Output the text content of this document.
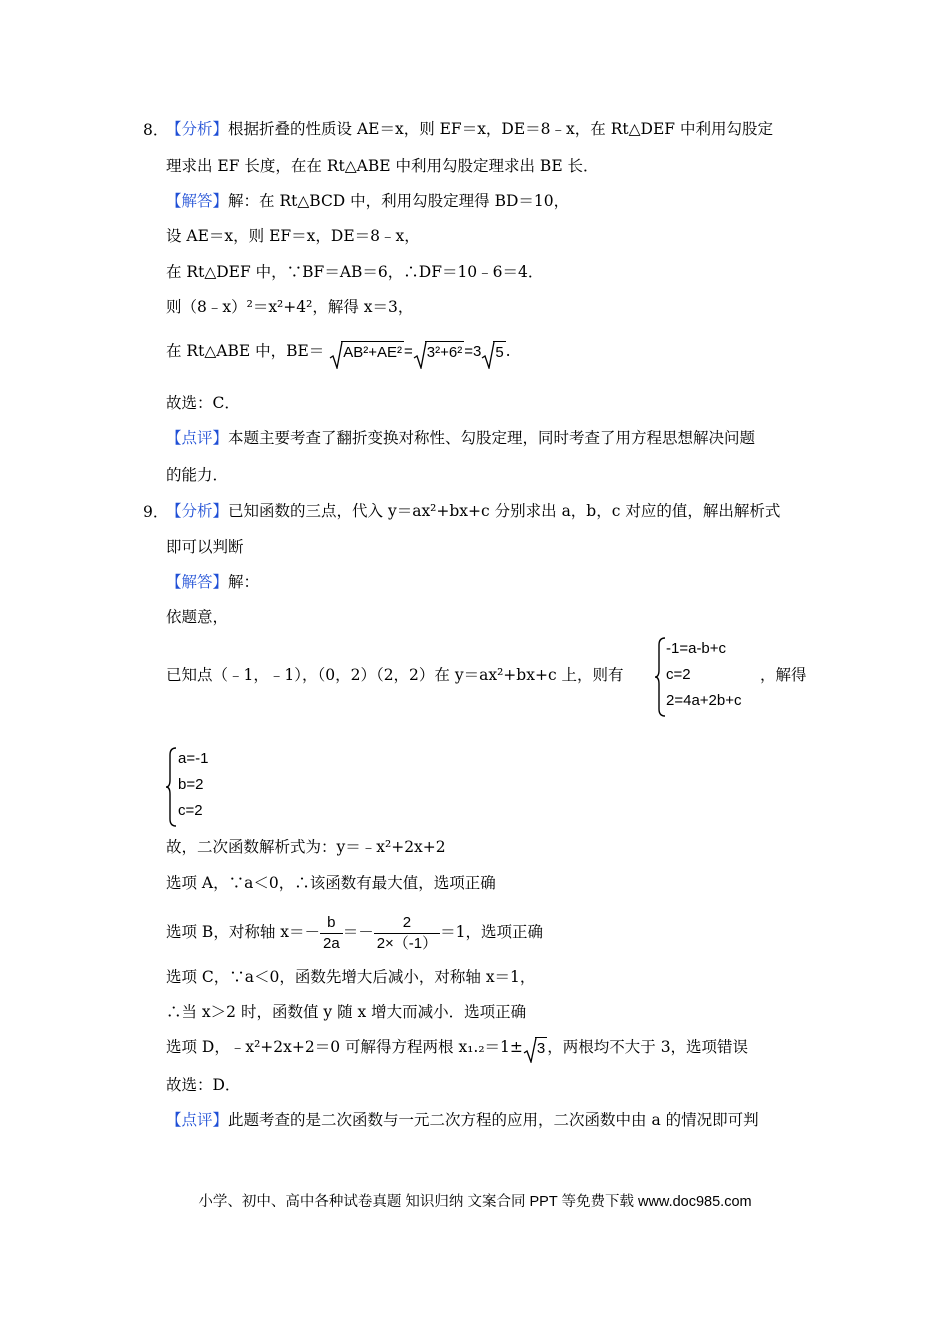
8．
【分析】根据折叠的性质设 AE＝x，则 EF＝x，DE＝8﹣x，在 Rt△DEF 中利用勾股定
理求出 EF 长度，在在 Rt△ABE 中利用勾股定理求出 BE 长．
【解答】解：在 Rt△BCD 中，利用勾股定理得 BD＝10，
设 AE＝x，则 EF＝x，DE＝8﹣x，
在 Rt△DEF 中，∵BF＝AB＝6，∴DF＝10﹣6＝4．
则（8﹣x）²＝x²+4²，解得 x＝3，
在 Rt△ABE 中，BE＝ AB²+AE² = 3²+6² =3 5 .
故选：C．
【点评】本题主要考查了翻折变换对称性、勾股定理，同时考查了用方程思想解决问题
的能力．
9．
【分析】已知函数的三点，代入 y＝ax²+bx+c 分别求出 a，b，c 对应的值，解出解析式
即可以判断
【解答】解：
依题意，
已知点（﹣1，﹣1），（0，2）（2，2）在 y＝ax²+bx+c 上，则有
-1=a-b+c
c=2
2=4a+2b+c
，解得
a=-1
b=2
c=2
故，二次函数解析式为：y＝﹣x²+2x+2
选项 A，∵a＜0，∴该函数有最大值，选项正确
选项 B，对称轴 $x=- \frac{b}{2a} =- \frac{2}{2\times(-1)} =1$，选项正确
选项 C，∵a＜0，函数先增大后减小，对称轴 x＝1，
∴当 x＞2 时，函数值 y 随 x 增大而减小．选项正确
选项 D，﹣x²+2x+2＝0 可解得方程两根 x₁.₂＝1± 3 ，两根均不大于 3，选项错误
故选：D．
【点评】此题考查的是二次函数与一元二次方程的应用，二次函数中由 a 的情况即可判
小学、初中、高中各种试卷真题 知识归纳 文案合同 PPT 等免费下载 www.doc985.com
